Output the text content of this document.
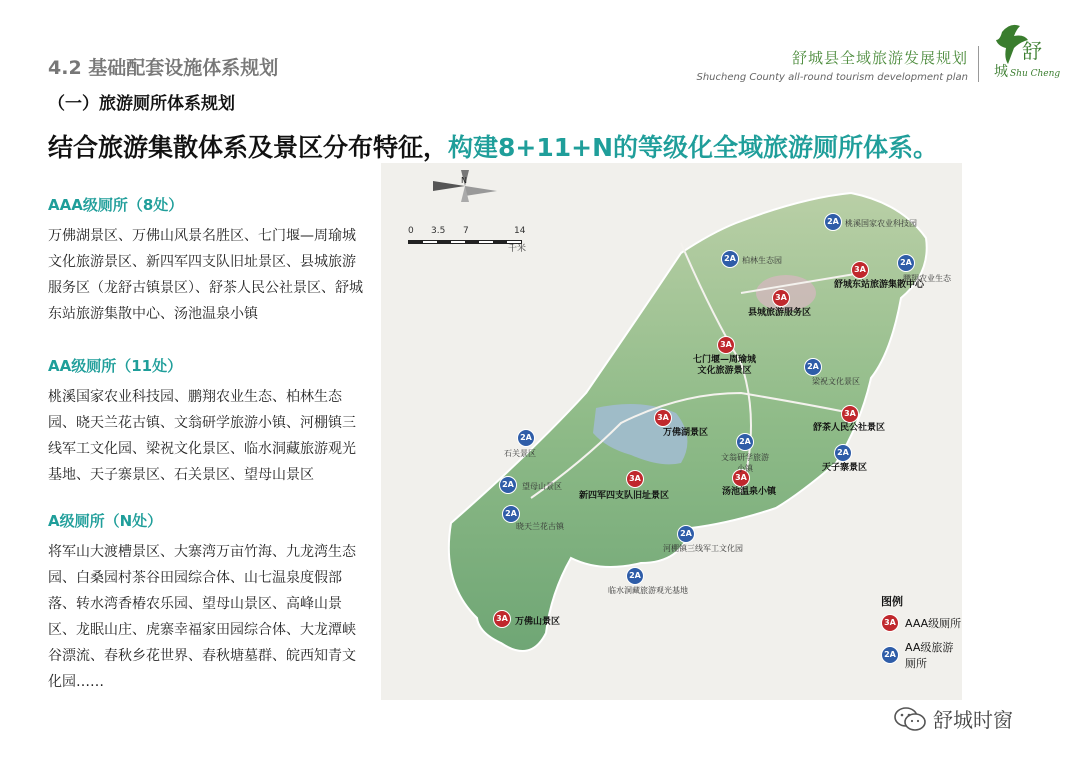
4.2 基础配套设施体系规划
（一）旅游厕所体系规划
结合旅游集散体系及景区分布特征，构建8+11+N的等级化全域旅游厕所体系。
舒城县全域旅游发展规划
Shucheng County all-round tourism development plan
舒
城 Shu Cheng
AAA级厕所（8处）
万佛湖景区、万佛山风景名胜区、七门堰—周瑜城文化旅游景区、新四军四支队旧址景区、县城旅游服务区（龙舒古镇景区）、舒茶人民公社景区、舒城东站旅游集散中心、汤池温泉小镇
AA级厕所（11处）
桃溪国家农业科技园、鹏翔农业生态、柏林生态园、晓天兰花古镇、文翁研学旅游小镇、河棚镇三线军工文化园、梁祝文化景区、临水洞藏旅游观光基地、天子寨景区、石关景区、望母山景区
A级厕所（N处）
将军山大渡槽景区、大寨湾万亩竹海、九龙湾生态园、白桑园村茶谷田园综合体、山七温泉度假部落、转水湾香椿农乐园、望母山景区、高峰山景区、龙眠山庄、虎寨幸福家田园综合体、大龙潭峡谷漂流、春秋乡花世界、春秋塘墓群、皖西知青文化园……
N
0 3.5 7	14
千米
3A
舒城东站旅游集散中心
3A
县城旅游服务区
3A
七门堰—周瑜城
文化旅游景区
3A
万佛湖景区
3A
舒茶人民公社景区
3A
新四军四支队旧址景区
3A
汤池温泉小镇
3A 万佛山景区
2A 桃溪国家农业科技园
2A 柏林生态园	2A
鹏翔农业生态
2A
梁祝文化景区
2A
天子寨景区
2A
石关景区
2A
文翁研学旅游
小镇
2A	望母山景区
2A
晓天兰花古镇
2A
河棚镇三线军工文化园
2A
临水洞藏旅游观光基地
图例
3A AAA级厕所
2A
AA级旅游厕所
舒城时窗
